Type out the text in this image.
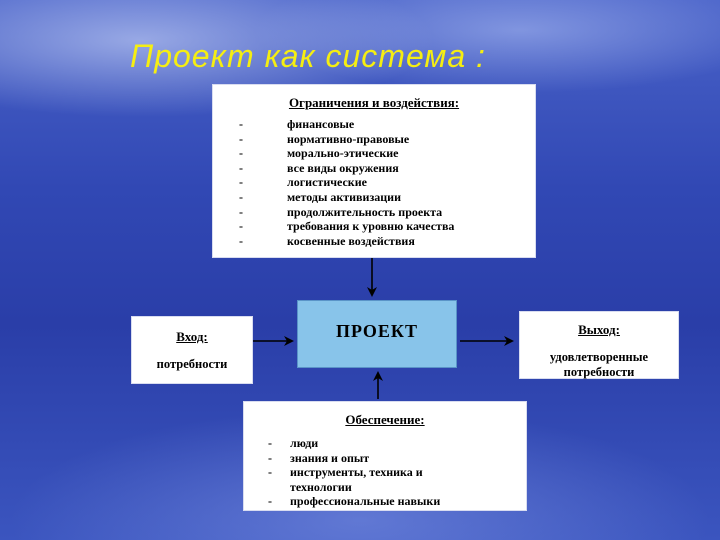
Проект как система :
Ограничения и воздействия:
-	финансовые
-	нормативно-правовые
-	морально-этические
-	все виды окружения
-	логистические
-	методы активизации
-	продолжительность проекта
-	требования к уровню качества
-	косвенные воздействия
Вход:
потребности
ПРОЕКТ	Выход:
удовлетворенные
потребности
Обеспечение:
- люди
- знания и опыт
- инструменты, техника и
технологии
- профессиональные навыки
